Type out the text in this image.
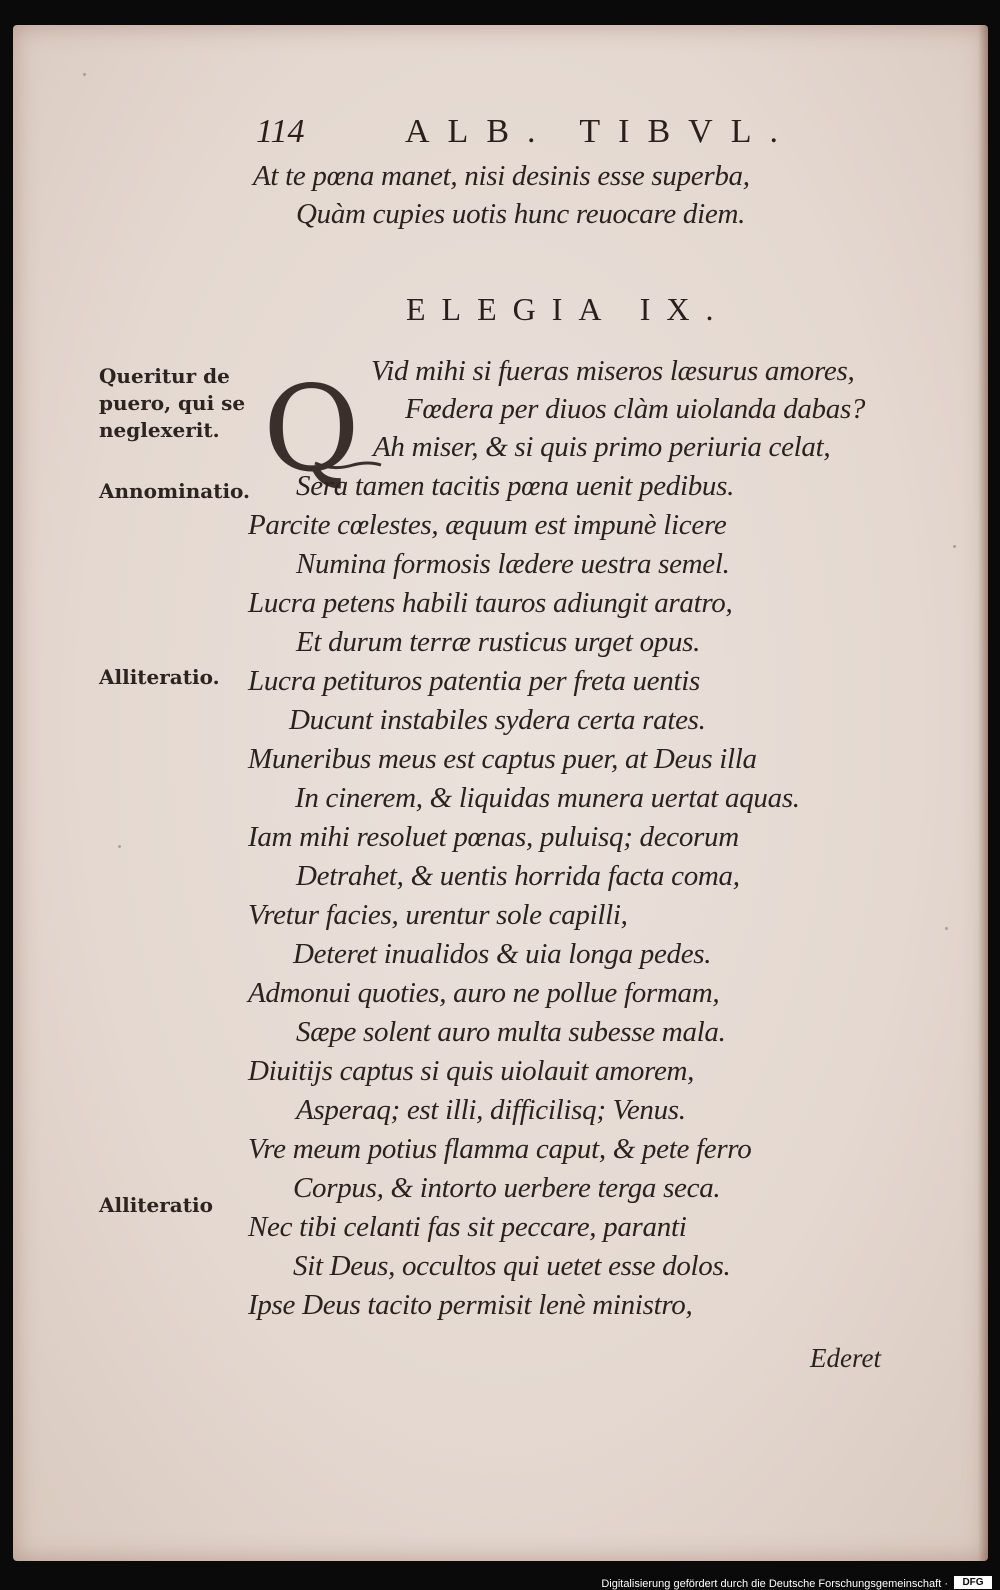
114	ALB. TIBVL.
At te pœna manet, nisi desinis esse superba,
Quàm cupies uotis hunc reuocare diem.
ELEGIA IX.
Q Vid mihi si fueras miseros læsurus amores,
Fœdera per diuos clàm uiolanda dabas?
Ah miser, & si quis primo periuria celat,
Sera tamen tacitis pœna uenit pedibus.
Parcite cœlestes, æquum est impunè licere
Numina formosis lædere uestra semel.
Lucra petens habili tauros adiungit aratro,
Et durum terræ rusticus urget opus.
Lucra petituros patentia per freta uentis
Ducunt instabiles sydera certa rates.
Muneribus meus est captus puer, at Deus illa
In cinerem, & liquidas munera uertat aquas.
Iam mihi resoluet pœnas, puluisq; decorum
Detrahet, & uentis horrida facta coma,
Vretur facies, urentur sole capilli,
Deteret inualidos & uia longa pedes.
Admonui quoties, auro ne pollue formam,
Sæpe solent auro multa subesse mala.
Diuitijs captus si quis uiolauit amorem,
Asperaq; est illi, difficilisq; Venus.
Vre meum potius flamma caput, & pete ferro
Corpus, & intorto uerbere terga seca.
Nec tibi celanti fas sit peccare, paranti
Sit Deus, occultos qui uetet esse dolos.
Ipse Deus tacito permisit lenè ministro,
Queritur de
puero, qui se
neglexerit.
Annominatio.
Alliteratio.
Alliteratio
Ederet
Digitalisierung gefördert durch die Deutsche Forschungsgemeinschaft ·	DFG
